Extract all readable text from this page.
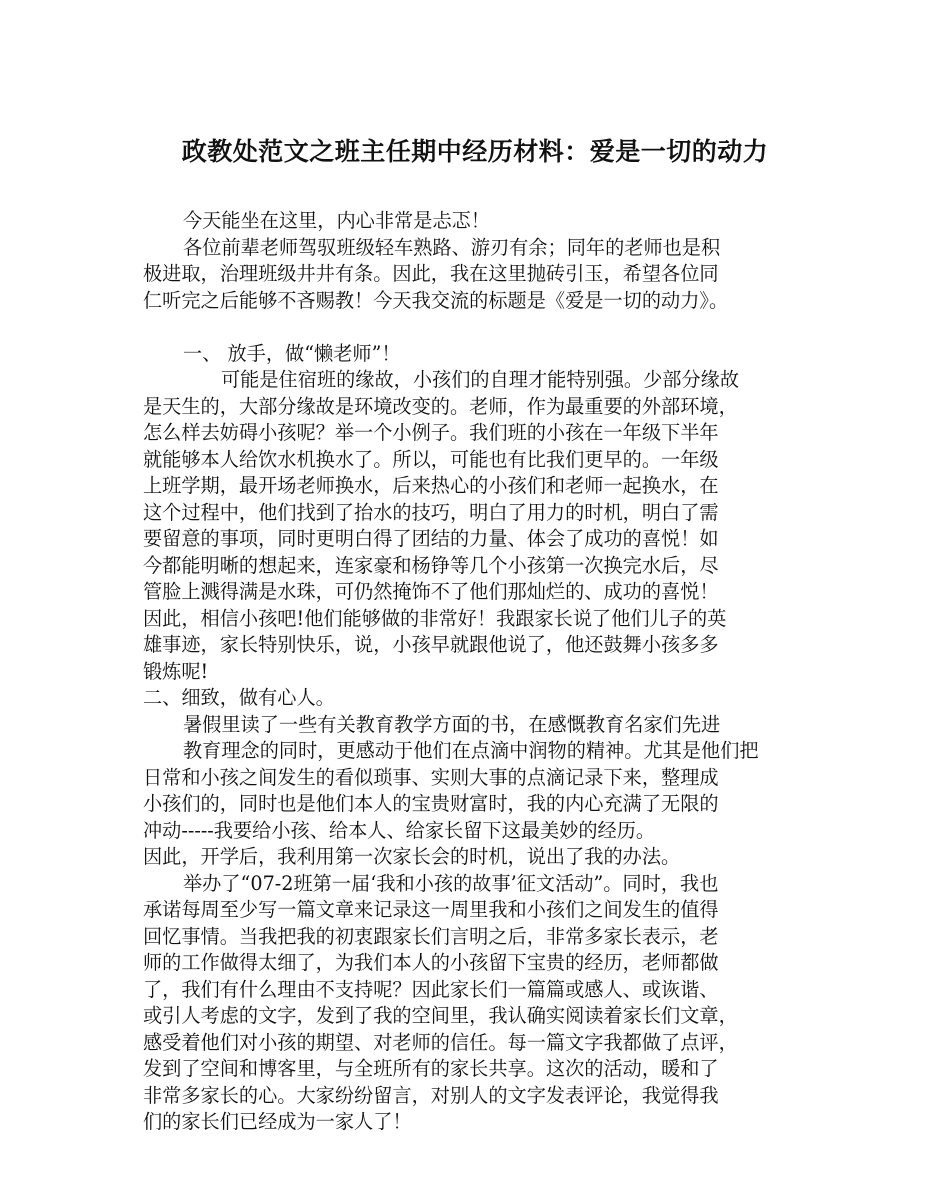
政教处范文之班主任期中经历材料：爱是一切的动力
今天能坐在这里，内心非常是忐忑！
各位前辈老师驾驭班级轻车熟路、游刃有余；同年的老师也是积
极进取，治理班级井井有条。因此，我在这里抛砖引玉，希望各位同
仁听完之后能够不吝赐教！今天我交流的标题是《爱是一切的动力》。
一、 放手，做“懒老师”！
可能是住宿班的缘故，小孩们的自理才能特别强。少部分缘故
是天生的，大部分缘故是环境改变的。老师，作为最重要的外部环境，
怎么样去妨碍小孩呢？举一个小例子。我们班的小孩在一年级下半年
就能够本人给饮水机换水了。所以，可能也有比我们更早的。一年级
上班学期，最开场老师换水，后来热心的小孩们和老师一起换水，在
这个过程中，他们找到了抬水的技巧，明白了用力的时机，明白了需
要留意的事项，同时更明白得了团结的力量、体会了成功的喜悦！如
今都能明晰的想起来，连家豪和杨铮等几个小孩第一次换完水后，尽
管脸上溅得满是水珠，可仍然掩饰不了他们那灿烂的、成功的喜悦！
因此，相信小孩吧!他们能够做的非常好！我跟家长说了他们儿子的英
雄事迹，家长特别快乐，说，小孩早就跟他说了，他还鼓舞小孩多多
锻炼呢!
二、细致，做有心人。
暑假里读了一些有关教育教学方面的书，在感慨教育名家们先进
教育理念的同时，更感动于他们在点滴中润物的精神。尤其是他们把
日常和小孩之间发生的看似琐事、实则大事的点滴记录下来，整理成
小孩们的，同时也是他们本人的宝贵财富时，我的内心充满了无限的
冲动-----我要给小孩、给本人、给家长留下这最美妙的经历。
因此，开学后，我利用第一次家长会的时机，说出了我的办法。
举办了“07-2班第一届‘我和小孩的故事’征文活动”。同时，我也
承诺每周至少写一篇文章来记录这一周里我和小孩们之间发生的值得
回忆事情。当我把我的初衷跟家长们言明之后，非常多家长表示，老
师的工作做得太细了，为我们本人的小孩留下宝贵的经历，老师都做
了，我们有什么理由不支持呢？因此家长们一篇篇或感人、或诙谐、
或引人考虑的文字，发到了我的空间里，我认确实阅读着家长们文章，
感受着他们对小孩的期望、对老师的信任。每一篇文字我都做了点评，
发到了空间和博客里，与全班所有的家长共享。这次的活动，暖和了
非常多家长的心。大家纷纷留言，对别人的文字发表评论，我觉得我
们的家长们已经成为一家人了！
